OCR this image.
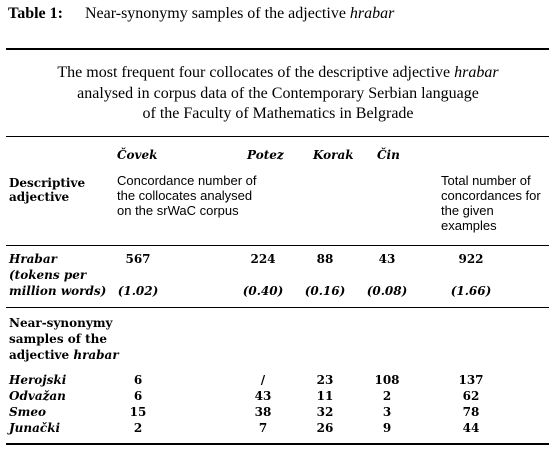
Table 1: Near-synonymy samples of the adjective hrabar
The most frequent four collocates of the descriptive adjective hrabar
analysed in corpus data of the Contemporary Serbian language
of the Faculty of Mathematics in Belgrade
Čovek	Potez Korak Čin
Descriptive
adjective
Concordance number of the collocates analysed on the srWaC corpus
Total number of concordances for the given examples
Hrabar
(tokens per
million words)
567	224	88	43	922
(1.02)	(0.40)	(0.16)	(0.08)	(1.66)
Near-synonymy
samples of the
adjective hrabar
Herojski	6	/	23	108	137
Odvažan	6	43	11	2	62
Smeo	15	38	32	3	78
Junački	2	7	26	9	44
